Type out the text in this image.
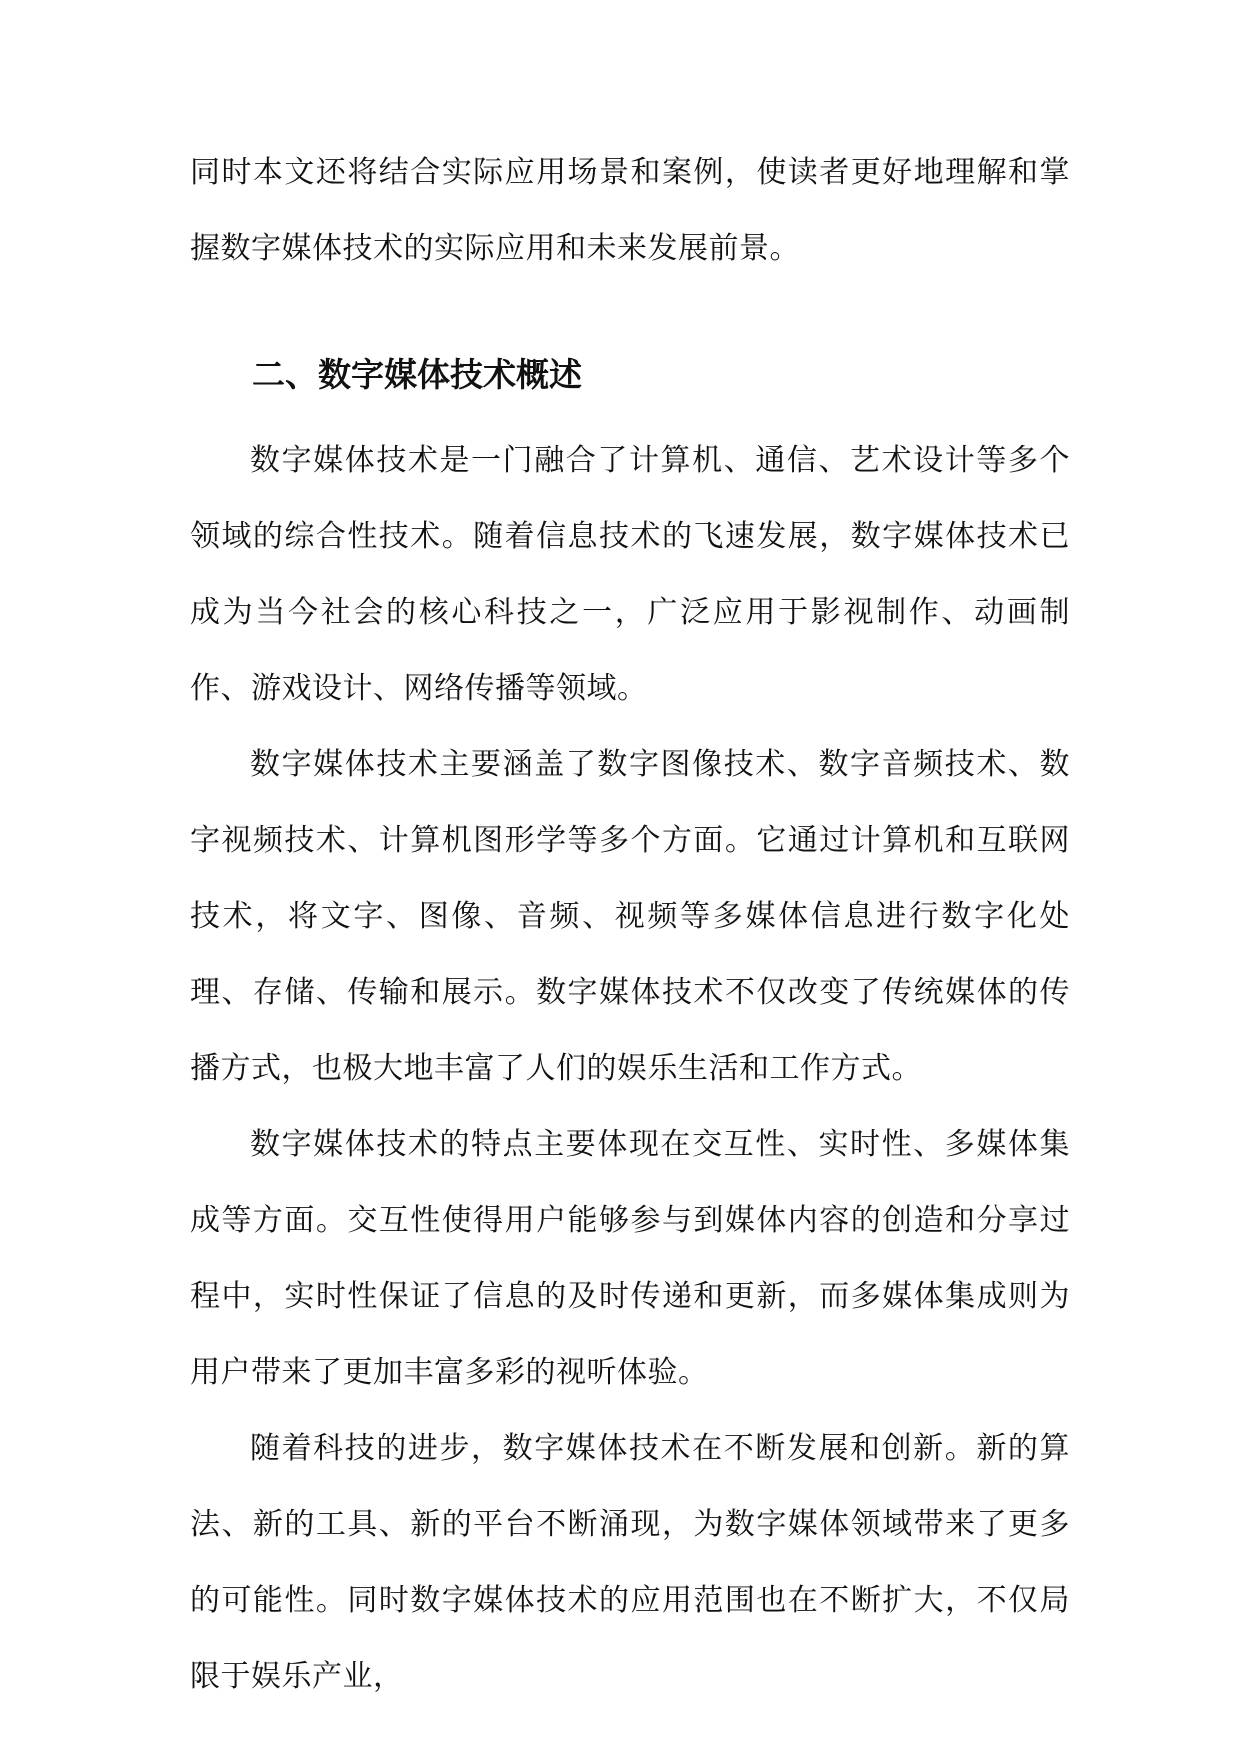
同时本文还将结合实际应用场景和案例，使读者更好地理解和掌握数字媒体技术的实际应用和未来发展前景。

二、数字媒体技术概述

数字媒体技术是一门融合了计算机、通信、艺术设计等多个领域的综合性技术。随着信息技术的飞速发展，数字媒体技术已成为当今社会的核心科技之一，广泛应用于影视制作、动画制作、游戏设计、网络传播等领域。

数字媒体技术主要涵盖了数字图像技术、数字音频技术、数字视频技术、计算机图形学等多个方面。它通过计算机和互联网技术，将文字、图像、音频、视频等多媒体信息进行数字化处理、存储、传输和展示。数字媒体技术不仅改变了传统媒体的传播方式，也极大地丰富了人们的娱乐生活和工作方式。

数字媒体技术的特点主要体现在交互性、实时性、多媒体集成等方面。交互性使得用户能够参与到媒体内容的创造和分享过程中，实时性保证了信息的及时传递和更新，而多媒体集成则为用户带来了更加丰富多彩的视听体验。

随着科技的进步，数字媒体技术在不断发展和创新。新的算法、新的工具、新的平台不断涌现，为数字媒体领域带来了更多的可能性。同时数字媒体技术的应用范围也在不断扩大，不仅局限于娱乐产业，
